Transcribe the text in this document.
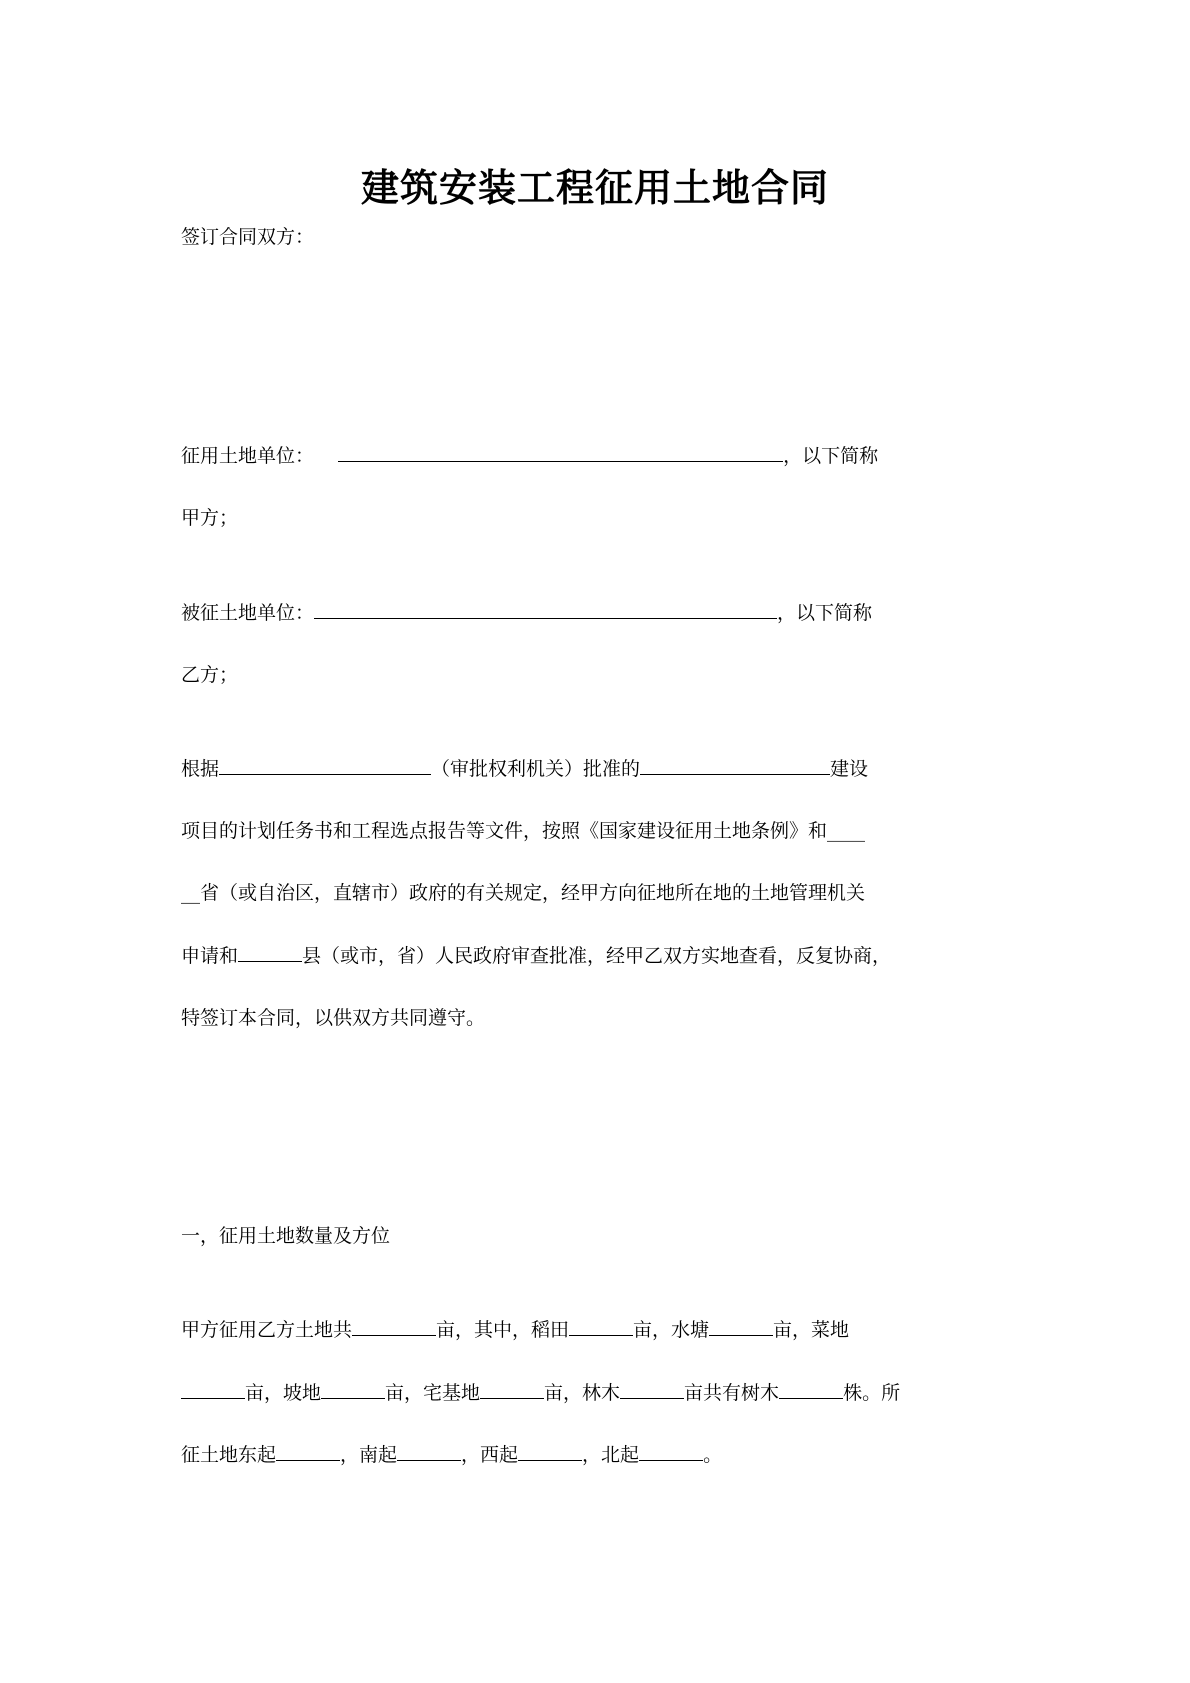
建筑安装工程征用土地合同
签订合同双方：
征用土地单位：	，以下简称
甲方；
被征土地单位：	，以下简称
乙方；
根据	（审批权利机关）批准的	建设
项目的计划任务书和工程选点报告等文件，按照《国家建设征用土地条例》和____
__省（或自治区，直辖市）政府的有关规定，经甲方向征地所在地的土地管理机关
申请和	县（或市，省）人民政府审查批准，经甲乙双方实地查看，反复协商，
特签订本合同，以供双方共同遵守。
一，征用土地数量及方位
甲方征用乙方土地共	亩，其中，稻田	亩，水塘	亩，菜地
亩，坡地	亩，宅基地	亩，林木	亩共有树木	株。所
征土地东起	，南起	，西起	，北起	。
